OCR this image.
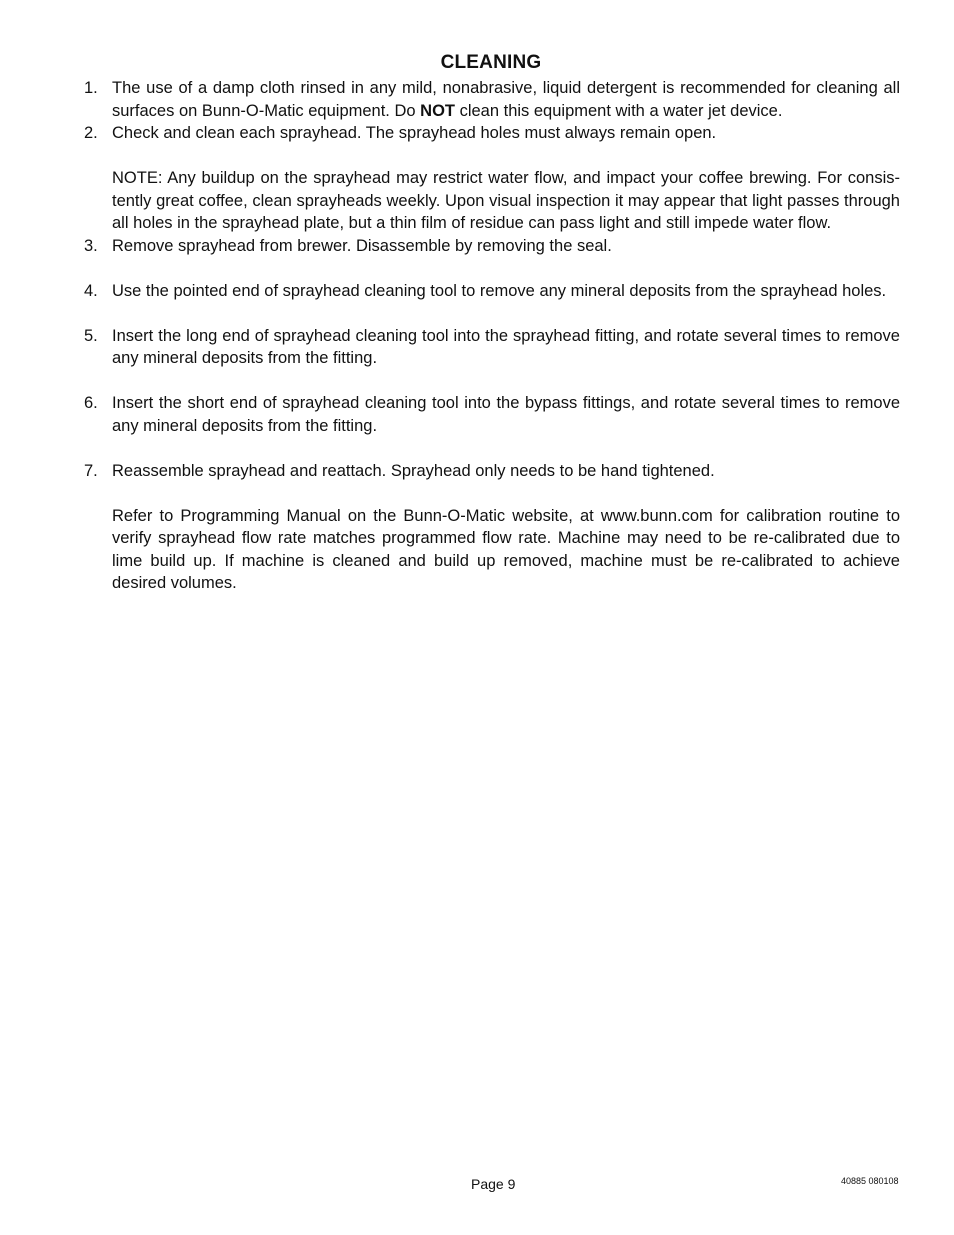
CLEANING
1. The use of a damp cloth rinsed in any mild, nonabrasive, liquid detergent is recommended for cleaning all surfaces on Bunn-O-Matic equipment. Do NOT clean this equipment with a water jet device.

2. Check and clean each sprayhead. The sprayhead holes must always remain open.

NOTE: Any buildup on the sprayhead may restrict water flow, and impact your coffee brewing. For consis-tently great coffee, clean sprayheads weekly. Upon visual inspection it may appear that light passes through all holes in the sprayhead plate, but a thin film of residue can pass light and still impede water flow.

3. Remove sprayhead from brewer. Disassemble by removing the seal.

4. Use the pointed end of sprayhead cleaning tool to remove any mineral deposits from the sprayhead holes.

5. Insert the long end of sprayhead cleaning tool into the sprayhead fitting, and rotate several times to remove any mineral deposits from the fitting.

6. Insert the short end of sprayhead cleaning tool into the bypass fittings, and rotate several times to remove any mineral deposits from the fitting.

7. Reassemble sprayhead and reattach. Sprayhead only needs to be hand tightened.

Refer to Programming Manual on the Bunn-O-Matic website, at www.bunn.com for calibration routine to verify sprayhead flow rate matches programmed flow rate. Machine may need to be re-calibrated due to lime build up. If machine is cleaned and build up removed, machine must be re-calibrated to achieve desired volumes.

Page 9	40885 080108
